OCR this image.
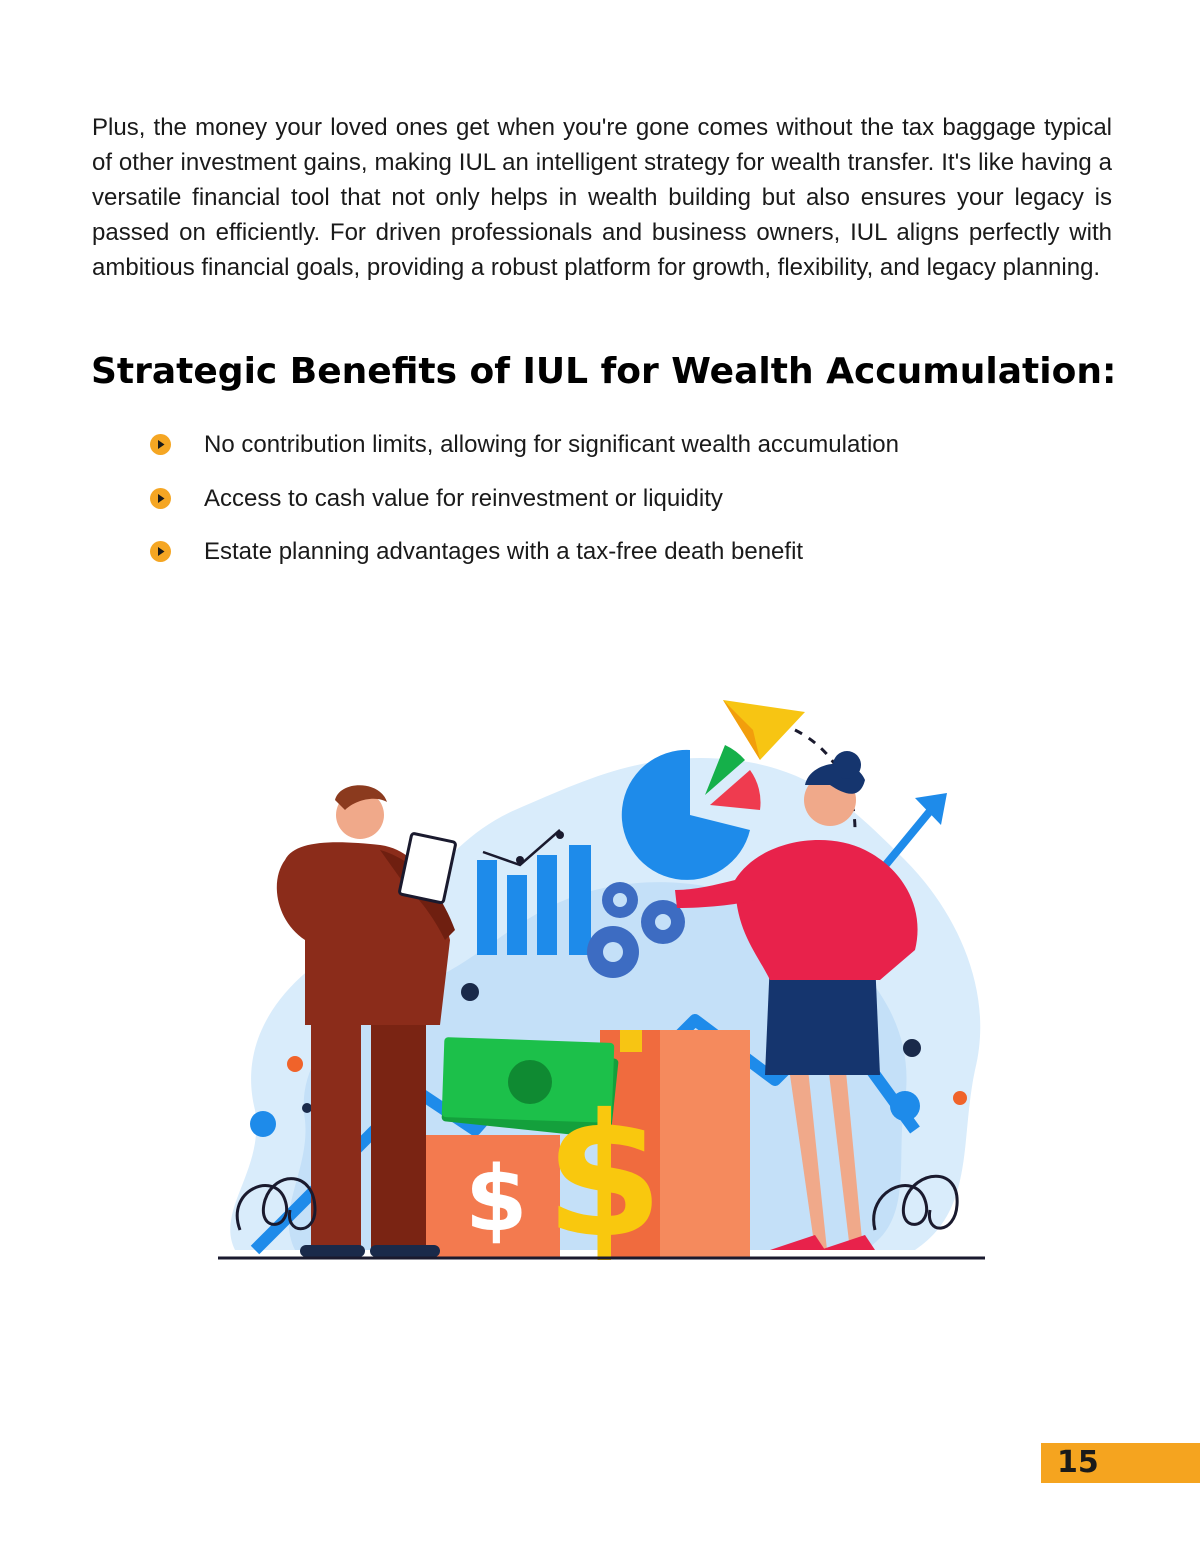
Plus, the money your loved ones get when you're gone comes without the tax baggage typical of other investment gains, making IUL an intelligent strategy for wealth transfer. It's like having a versatile financial tool that not only helps in wealth building but also ensures your legacy is passed on efficiently. For driven professionals and business owners, IUL aligns perfectly with ambitious financial goals, providing a robust platform for growth, flexibility, and legacy planning.

Strategic Benefits of IUL for Wealth Accumulation:
No contribution limits, allowing for significant wealth accumulation
Access to cash value for reinvestment or liquidity
Estate planning advantages with a tax-free death benefit
$ $
15
